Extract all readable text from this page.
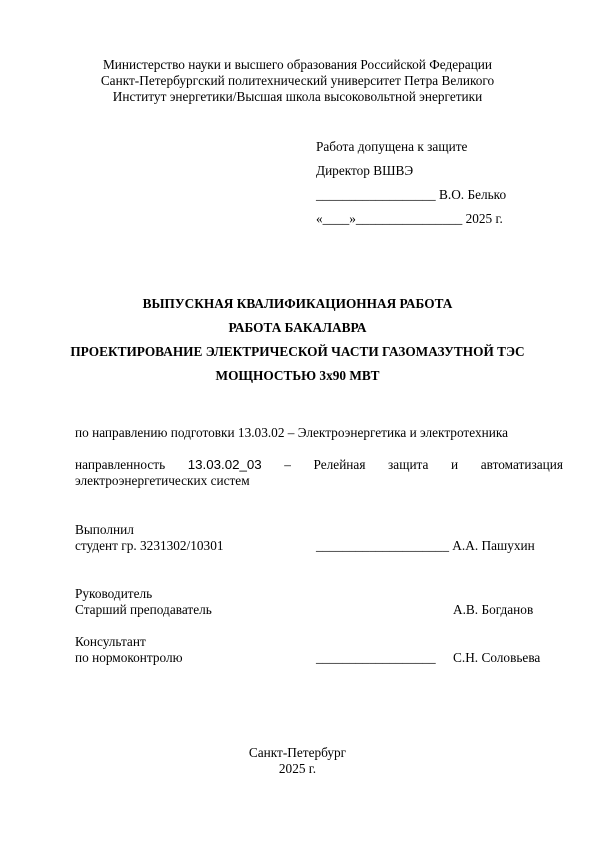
Министерство науки и высшего образования Российской Федерации
Санкт-Петербургский политехнический университет Петра Великого
Институт энергетики/Высшая школа высоковольтной энергетики
Работа допущена к защите
Директор ВШВЭ
__________________ В.О. Белько
«____»________________ 2025 г.
ВЫПУСКНАЯ КВАЛИФИКАЦИОННАЯ РАБОТА
РАБОТА БАКАЛАВРА
ПРОЕКТИРОВАНИЕ ЭЛЕКТРИЧЕСКОЙ ЧАСТИ ГАЗОМАЗУТНОЙ ТЭС
МОЩНОСТЬЮ 3х90 МВТ
по направлению подготовки 13.03.02 – Электроэнергетика и электротехника
направленность 13.03.02_03 – Релейная защита и автоматизация
электроэнергетических систем
Выполнил
студент гр. 3231302/10301	____________________ А.А. Пашухин
Руководитель
Старший преподаватель	А.В. Богданов
Консультант
по нормоконтролю	__________________ С.Н. Соловьева
Санкт-Петербург
2025 г.
